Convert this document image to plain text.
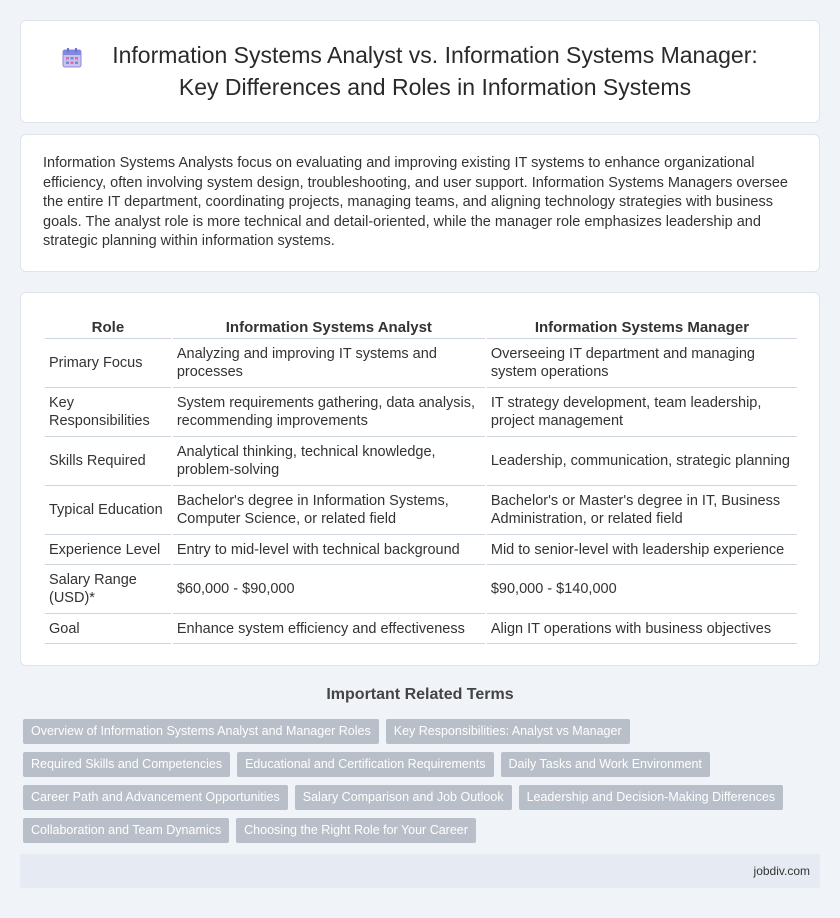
Information Systems Analyst vs. Information Systems Manager: Key Differences and Roles in Information Systems

Information Systems Analysts focus on evaluating and improving existing IT systems to enhance organizational efficiency, often involving system design, troubleshooting, and user support. Information Systems Managers oversee the entire IT department, coordinating projects, managing teams, and aligning technology strategies with business goals. The analyst role is more technical and detail-oriented, while the manager role emphasizes leadership and strategic planning within information systems.

Role	Information Systems Analyst	Information Systems Manager
Primary Focus	Analyzing and improving IT systems and processes	Overseeing IT department and managing system operations
Key Responsibilities	System requirements gathering, data analysis, recommending improvements	IT strategy development, team leadership, project management
Skills Required	Analytical thinking, technical knowledge, problem-solving	Leadership, communication, strategic planning
Typical Education	Bachelor's degree in Information Systems, Computer Science, or related field	Bachelor's or Master's degree in IT, Business Administration, or related field
Experience Level	Entry to mid-level with technical background	Mid to senior-level with leadership experience
Salary Range (USD)*	$60,000 - $90,000	$90,000 - $140,000
Goal	Enhance system efficiency and effectiveness	Align IT operations with business objectives
Important Related Terms
Overview of Information Systems Analyst and Manager Roles	Key Responsibilities: Analyst vs Manager
Required Skills and Competencies	Educational and Certification Requirements	Daily Tasks and Work Environment
Career Path and Advancement Opportunities	Salary Comparison and Job Outlook	Leadership and Decision-Making Differences
Collaboration and Team Dynamics	Choosing the Right Role for Your Career
jobdiv.com
